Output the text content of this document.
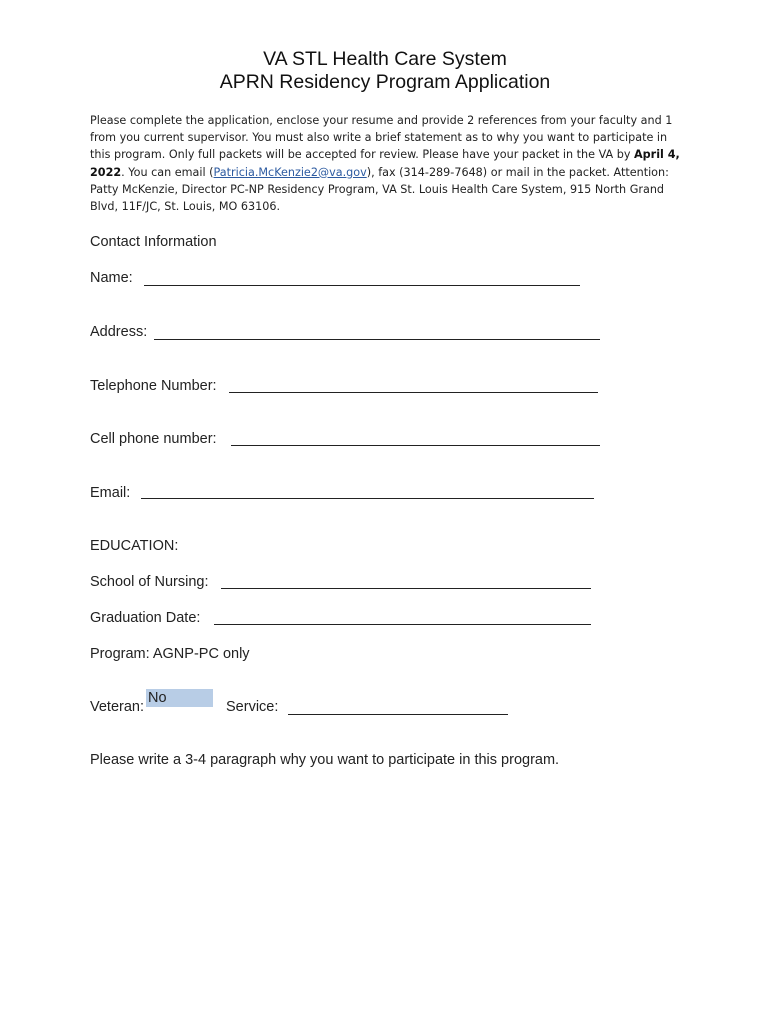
VA STL Health Care System
APRN Residency Program Application
Please complete the application, enclose your resume and provide 2 references from your faculty and 1 from you current supervisor. You must also write a brief statement as to why you want to participate in this program. Only full packets will be accepted for review. Please have your packet in the VA by April 4, 2022. You can email (Patricia.McKenzie2@va.gov), fax (314-289-7648) or mail in the packet. Attention: Patty McKenzie, Director PC-NP Residency Program, VA St. Louis Health Care System, 915 North Grand Blvd, 11F/JC, St. Louis, MO 63106.
Contact Information
Name:
Address:
Telephone Number:
Cell phone number:
Email:
EDUCATION:
School of Nursing:
Graduation Date:
Program: AGNP-PC only
Veteran:
No
Service:
Please write a 3-4 paragraph why you want to participate in this program.
